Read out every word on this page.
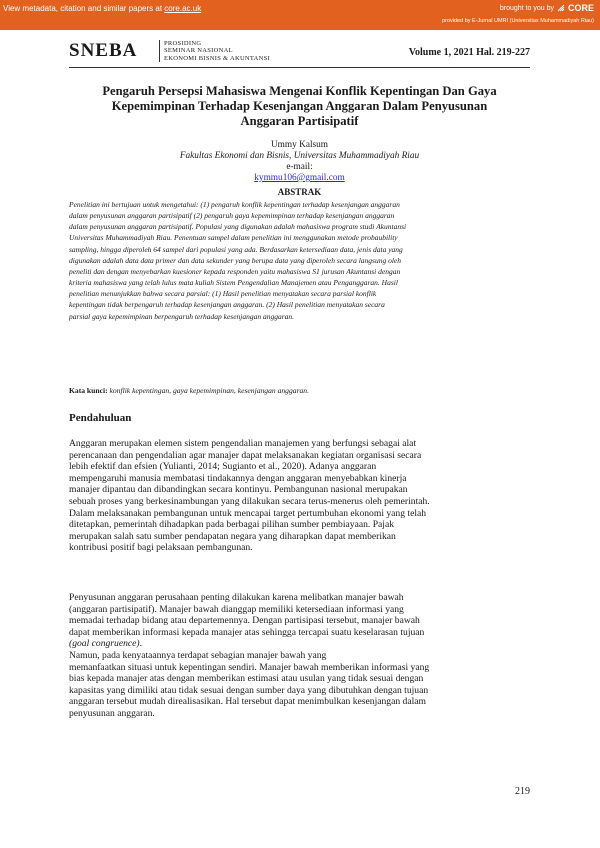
View metadata, citation and similar papers at core.ac.uk	brought to you by CORE
provided by E-Jurnal UMRI (Universitas Muhammadiyah Riau)
SNEBA	PROSIDING
SEMINAR NASIONAL
EKONOMI BISNIS & AKUNTANSI
Volume 1, 2021 Hal. 219-227
Pengaruh Persepsi Mahasiswa Mengenai Konflik Kepentingan Dan Gaya
Kepemimpinan Terhadap Kesenjangan Anggaran Dalam Penyusunan
Anggaran Partisipatif
Ummy Kalsum
Fakultas Ekonomi dan Bisnis, Universitas Muhammadiyah Riau
e-mail:
kymmu106@gmail.com
ABSTRAK
Penelitian ini bertujuan untuk mengetahui: (1) pengaruh konflik kepentingan terhadap kesenjangan anggaran
dalam penyusunan anggaran partisipatif (2) pengaruh gaya kepemimpinan terhadap kesenjangan anggaran
dalam penyusunan anggaran partisipatif. Populasi yang digunakan adalah mahasiswa program studi Akuntansi
Universitas Muhammadiyah Riau. Penentuan sampel dalam penelitian ini menggunakan metode probaubility
sampling, hingga diperoleh 64 sampel dari populasi yang ada. Berdasarkan ketersediaan data, jenis data yang
digunakan adalah data data primer dan data sekunder yang berupa data yang diperoleh secara langsung oleh
peneliti dan dengan menyebarkan kuesioner kepada responden yaitu mahasiswa S1 jurusan Akuntansi dengan
kriteria mahasiswa yang telah lulus mata kuliah Sistem Pengendalian Manajemen atau Penganggaran. Hasil
penelitian menunjukkan bahwa secara parsial: (1) Hasil penelitian menyatakan secara parsial konflik
kepentingan tidak berpengaruh terhadap kesenjangan anggaran. (2) Hasil penelitian menyatakan secara
parsial gaya kepemimpinan berpengaruh terhadap kesenjangan anggaran.
Kata kunci: konflik kepentingan, gaya kepemimpinan, kesenjangan anggaran.
Pendahuluan
Anggaran merupakan elemen sistem pengendalian manajemen yang berfungsi sebagai alat
perencanaan dan pengendalian agar manajer dapat melaksanakan kegiatan organisasi secara
lebih efektif dan efsien (Yulianti, 2014; Sugianto et al., 2020). Adanya anggaran
mempengaruhi manusia membatasi tindakannya dengan anggaran menyebabkan kinerja
manajer dipantau dan dibandingkan secara kontinyu. Pembangunan nasional merupakan
sebuah proses yang berkesinambungan yang dilakukan secara terus-menerus oleh pemerintah.
Dalam melaksanakan pembangunan untuk mencapai target pertumbuhan ekonomi yang telah
ditetapkan, pemerintah dihadapkan pada berbagai pilihan sumber pembiayaan. Pajak
merupakan salah satu sumber pendapatan negara yang diharapkan dapat memberikan
kontribusi positif bagi pelaksaan pembangunan.
Penyusunan anggaran perusahaan penting dilakukan karena melibatkan manajer bawah
(anggaran partisipatif). Manajer bawah dianggap memiliki ketersediaan informasi yang
memadai terhadap bidang atau departemennya. Dengan partisipasi tersebut, manajer bawah
dapat memberikan informasi kepada manajer atas sehingga tercapai suatu keselarasan tujuan
(goal congruence).
Namun, pada kenyataannya terdapat sebagian manajer bawah yang
memanfaatkan situasi untuk kepentingan sendiri. Manajer bawah memberikan informasi yang
bias kepada manajer atas dengan memberikan estimasi atau usulan yang tidak sesuai dengan
kapasitas yang dimiliki atau tidak sesuai dengan sumber daya yang dibutuhkan dengan tujuan
anggaran tersebut mudah direalisasikan. Hal tersebut dapat menimbulkan kesenjangan dalam
penyusunan anggaran.
219
